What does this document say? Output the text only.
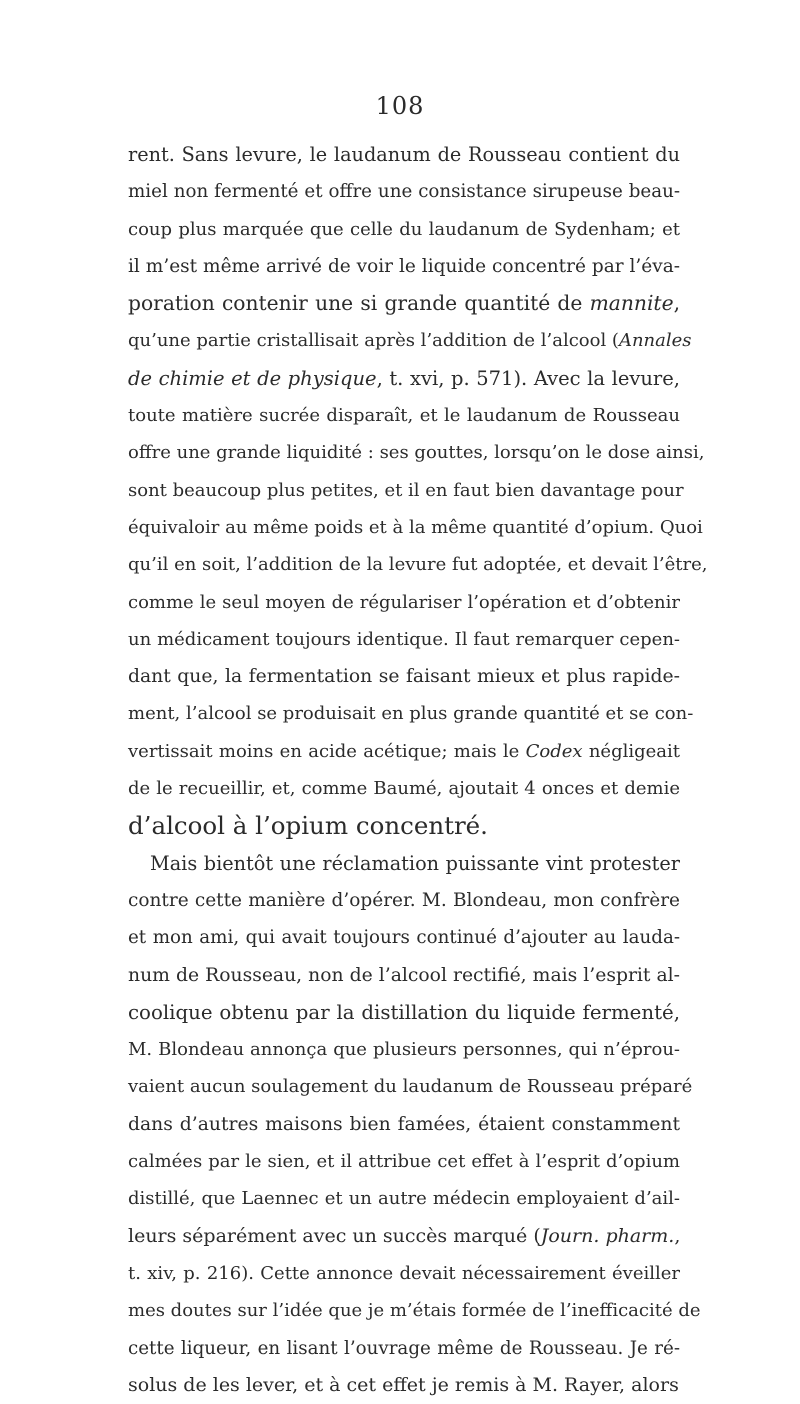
108
rent. Sans levure, le laudanum de Rousseau contient du
miel non fermenté et offre une consistance sirupeuse beau-
coup plus marquée que celle du laudanum de Sydenham; et
il m’est même arrivé de voir le liquide concentré par l’éva-
poration contenir une si grande quantité de mannite,
qu’une partie cristallisait après l’addition de l’alcool (Annales
de chimie et de physique, t. xvi, p. 571). Avec la levure,
toute matière sucrée disparaît, et le laudanum de Rousseau
offre une grande liquidité : ses gouttes, lorsqu’on le dose ainsi,
sont beaucoup plus petites, et il en faut bien davantage pour
équivaloir au même poids et à la même quantité d’opium. Quoi
qu’il en soit, l’addition de la levure fut adoptée, et devait l’être,
comme le seul moyen de régulariser l’opération et d’obtenir
un médicament toujours identique. Il faut remarquer cepen-
dant que, la fermentation se faisant mieux et plus rapide-
ment, l’alcool se produisait en plus grande quantité et se con-
vertissait moins en acide acétique; mais le Codex négligeait
de le recueillir, et, comme Baumé, ajoutait 4 onces et demie
d’alcool à l’opium concentré.
Mais bientôt une réclamation puissante vint protester
contre cette manière d’opérer. M. Blondeau, mon confrère
et mon ami, qui avait toujours continué d’ajouter au lauda-
num de Rousseau, non de l’alcool rectifié, mais l’esprit al-
coolique obtenu par la distillation du liquide fermenté,
M. Blondeau annonça que plusieurs personnes, qui n’éprou-
vaient aucun soulagement du laudanum de Rousseau préparé
dans d’autres maisons bien famées, étaient constamment
calmées par le sien, et il attribue cet effet à l’esprit d’opium
distillé, que Laennec et un autre médecin employaient d’ail-
leurs séparément avec un succès marqué (Journ. pharm.,
t. xiv, p. 216). Cette annonce devait nécessairement éveiller
mes doutes sur l’idée que je m’étais formée de l’inefficacité de
cette liqueur, en lisant l’ouvrage même de Rousseau. Je ré-
solus de les lever, et à cet effet je remis à M. Rayer, alors
